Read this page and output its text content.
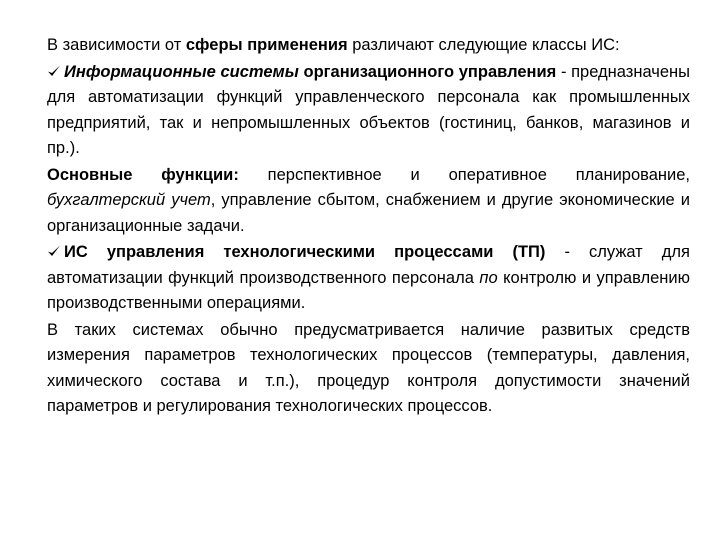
В зависимости от сферы применения различают следующие классы ИС:

Информационные системы организационного управления - предназначены для автоматизации функций управленческого персонала как промышленных предприятий, так и непромышленных объектов (гостиниц, банков, магазинов и пр.).

Основные функции: перспективное и оперативное планирование, бухгалтерский учет, управление сбытом, снабжением и другие экономические и организационные задачи.

ИС управления технологическими процессами (ТП) - служат для автоматизации функций производственного персонала по контролю и управлению производственными операциями.

В таких системах обычно предусматривается наличие развитых средств измерения параметров технологических процессов (температуры, давления, химического состава и т.п.), процедур контроля допустимости значений параметров и регулирования технологических процессов.
